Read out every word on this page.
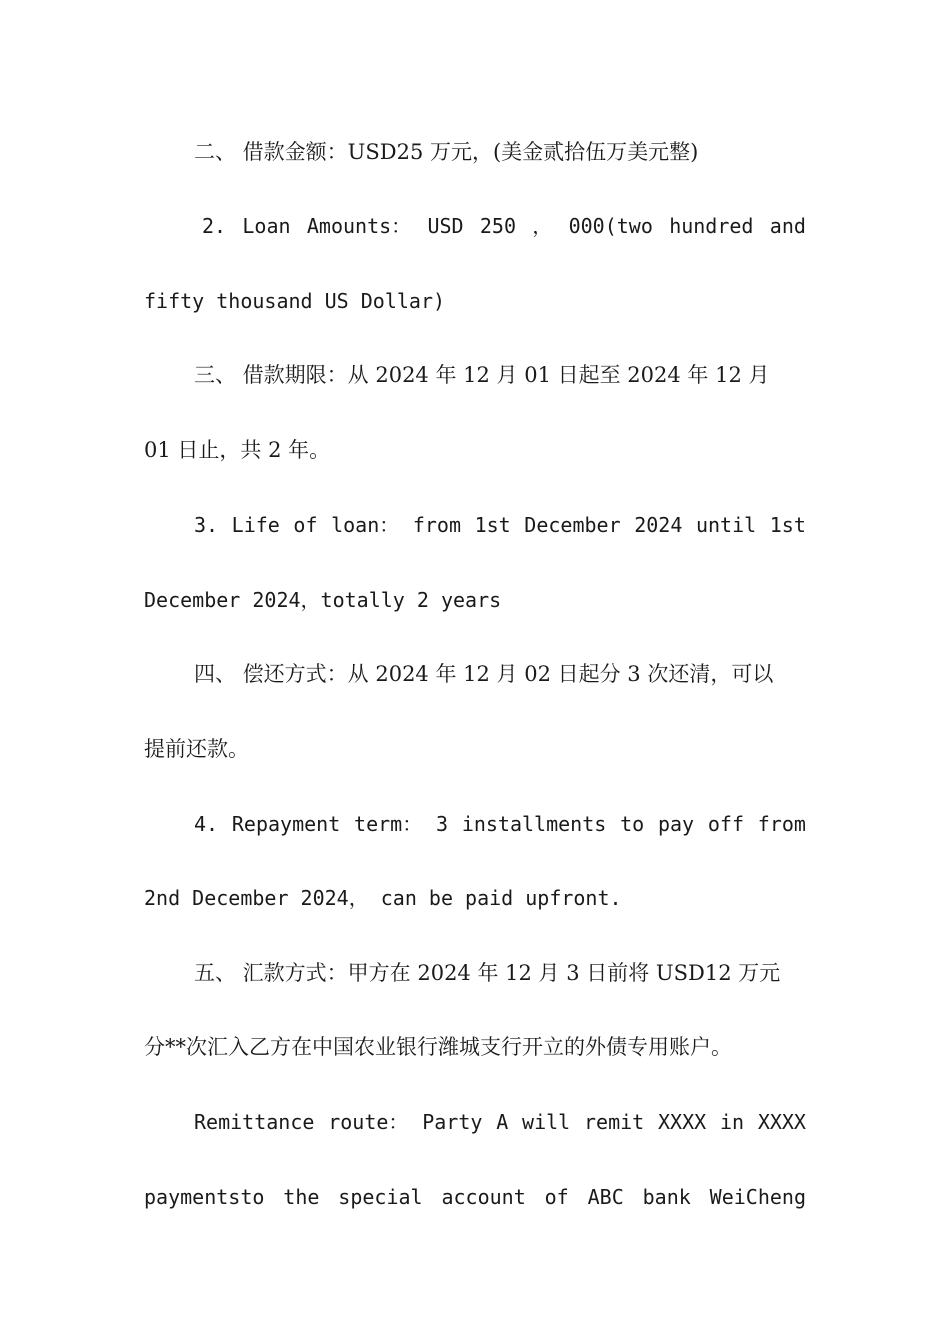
二、 借款金额：USD25 万元，(美金贰拾伍万美元整)
2. Loan Amounts： USD 250 ， 000(two hundred and
fifty thousand US Dollar)
三、 借款期限：从 2024 年 12 月 01 日起至 2024 年 12 月
01 日止，共 2 年。
3. Life of loan： from 1st December 2024 until 1st
December 2024，totally 2 years
四、 偿还方式：从 2024 年 12 月 02 日起分 3 次还清，可以
提前还款。
4. Repayment term： 3 installments to pay off from
2nd December 2024， can be paid upfront.
五、 汇款方式：甲方在 2024 年 12 月 3 日前将 USD12 万元
分**次汇入乙方在中国农业银行潍城支行开立的外债专用账户。
Remittance route： Party A will remit XXXX in XXXX
paymentsto the special account of ABC bank WeiCheng
